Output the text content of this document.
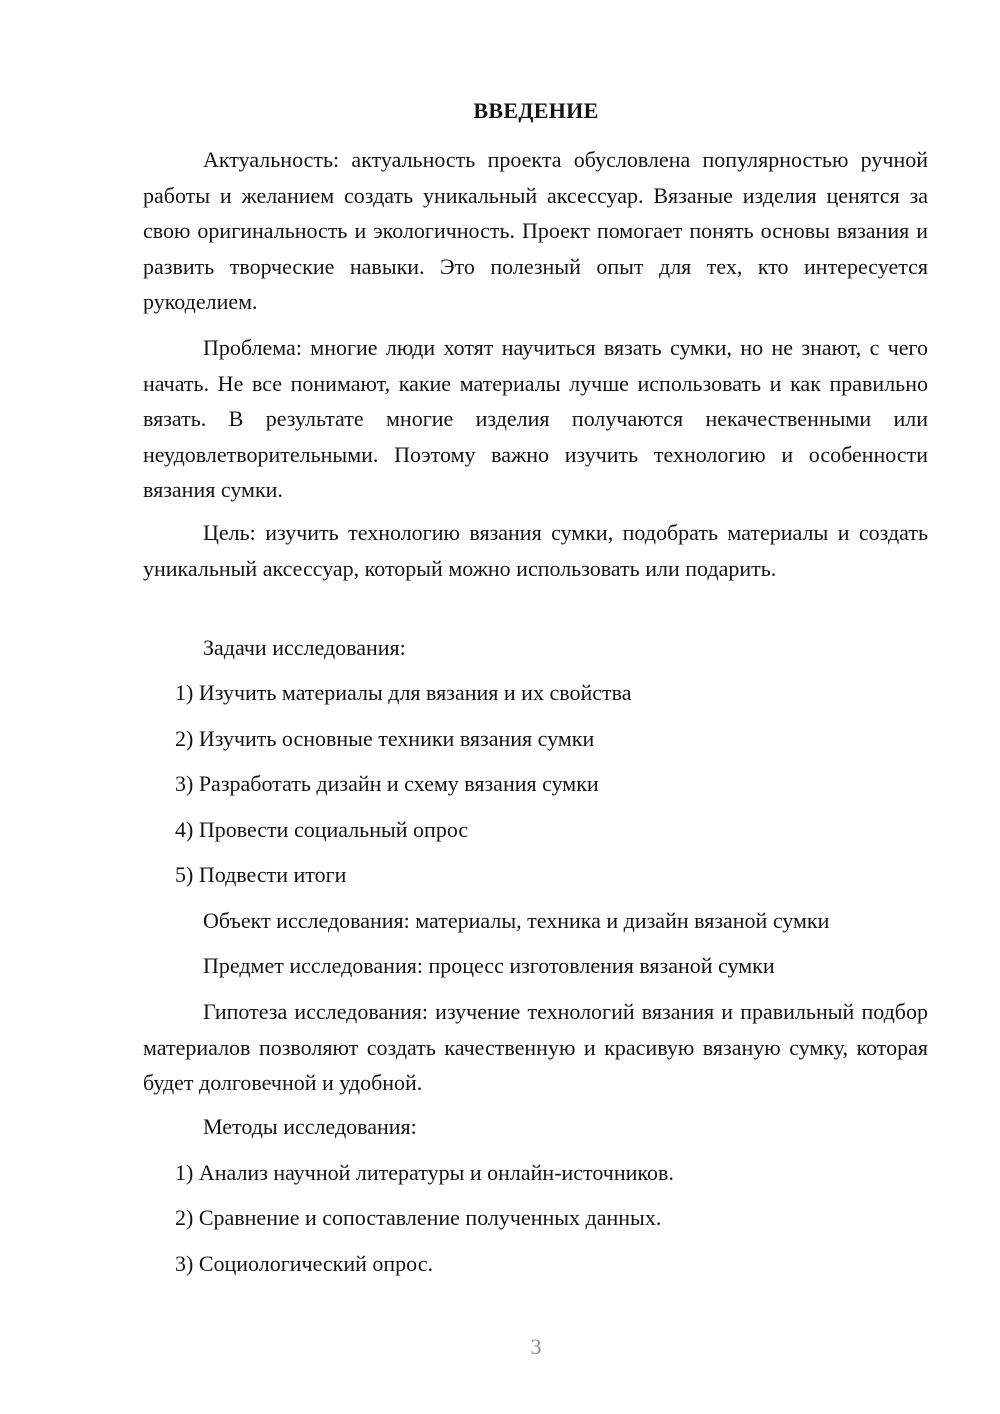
ВВЕДЕНИЕ

Актуальность: актуальность проекта обусловлена популярностью ручной работы и желанием создать уникальный аксессуар. Вязаные изделия ценятся за свою оригинальность и экологичность. Проект помогает понять основы вязания и развить творческие навыки. Это полезный опыт для тех, кто интересуется рукоделием.

Проблема: многие люди хотят научиться вязать сумки, но не знают, с чего начать. Не все понимают, какие материалы лучше использовать и как правильно вязать. В результате многие изделия получаются некачественными или неудовлетворительными. Поэтому важно изучить технологию и особенности вязания сумки.

Цель: изучить технологию вязания сумки, подобрать материалы и создать уникальный аксессуар, который можно использовать или подарить.

Задачи исследования:

1) Изучить материалы для вязания и их свойства

2) Изучить основные техники вязания сумки

3) Разработать дизайн и схему вязания сумки

4) Провести социальный опрос

5) Подвести итоги

Объект исследования: материалы, техника и дизайн вязаной сумки

Предмет исследования: процесс изготовления вязаной сумки

Гипотеза исследования: изучение технологий вязания и правильный подбор материалов позволяют создать качественную и красивую вязаную сумку, которая будет долговечной и удобной.

Методы исследования:

1) Анализ научной литературы и онлайн-источников.

2) Сравнение и сопоставление полученных данных.

3) Социологический опрос.

3
